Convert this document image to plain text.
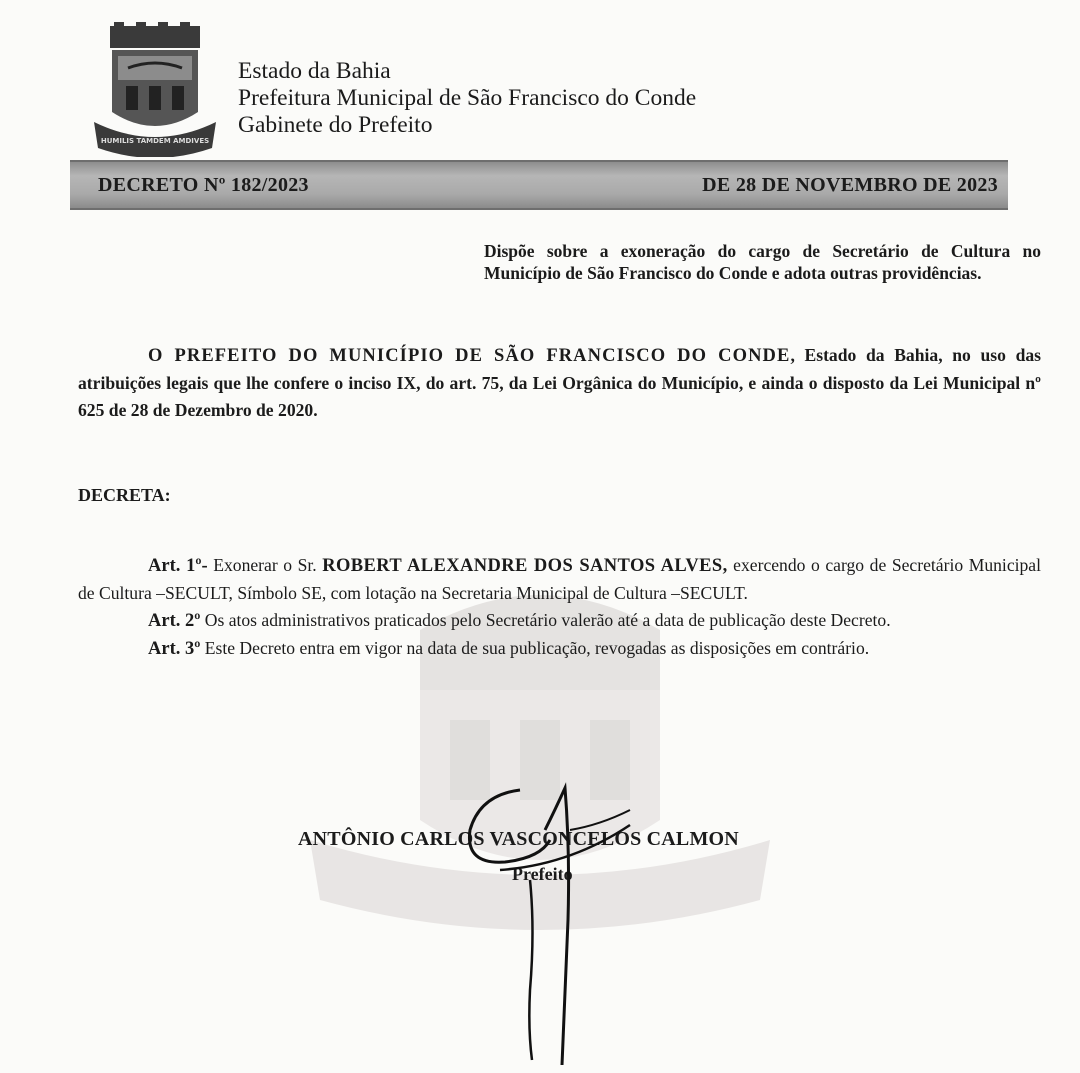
HUMILIS TAMDEM AMDIVES
Estado da Bahia
Prefeitura Municipal de São Francisco do Conde
Gabinete do Prefeito
DECRETO Nº 182/2023	DE 28 DE NOVEMBRO DE 2023
Dispõe sobre a exoneração do cargo de Secretário de Cultura no Município de São Francisco do Conde e adota outras providências.

O PREFEITO DO MUNICÍPIO DE SÃO FRANCISCO DO CONDE, Estado da Bahia, no uso das atribuições legais que lhe confere o inciso IX, do art. 75, da Lei Orgânica do Município, e ainda o disposto da Lei Municipal nº 625 de 28 de Dezembro de 2020.

DECRETA:

Art. 1º- Exonerar o Sr. ROBERT ALEXANDRE DOS SANTOS ALVES, exercendo o cargo de Secretário Municipal de Cultura –SECULT, Símbolo SE, com lotação na Secretaria Municipal de Cultura –SECULT.

Art. 2º Os atos administrativos praticados pelo Secretário valerão até a data de publicação deste Decreto.

Art. 3º Este Decreto entra em vigor na data de sua publicação, revogadas as disposições em contrário.

ANTÔNIO CARLOS VASCONCELOS CALMON
Prefeito
